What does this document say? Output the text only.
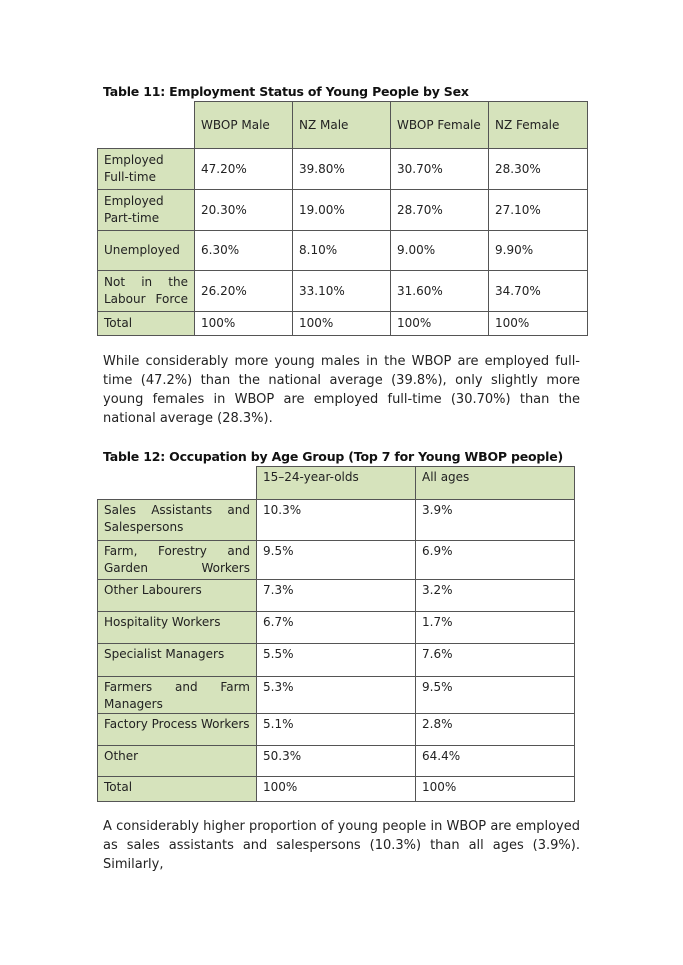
Table 11: Employment Status of Young People by Sex
	WBOP Male	NZ Male	WBOP Female	NZ Female
Employed Full-time	47.20%	39.80%	30.70%	28.30%
Employed Part-time	20.30%	19.00%	28.70%	27.10%
Unemployed	6.30%	8.10%	9.00%	9.90%
Not in the Labour Force	26.20%	33.10%	31.60%	34.70%
Total	100%	100%	100%	100%

While considerably more young males in the WBOP are employed full-time (47.2%) than the national average (39.8%), only slightly more young females in WBOP are employed full-time (30.70%) than the national average (28.3%).

Table 12: Occupation by Age Group (Top 7 for Young WBOP people)
	15–24-year-olds	All ages
Sales Assistants and Salespersons	10.3%	3.9%
Farm, Forestry and Garden Workers	9.5%	6.9%
Other Labourers	7.3%	3.2%
Hospitality Workers	6.7%	1.7%
Specialist Managers	5.5%	7.6%
Farmers and Farm Managers	5.3%	9.5%
Factory Process Workers	5.1%	2.8%
Other	50.3%	64.4%
Total	100%	100%

A considerably higher proportion of young people in WBOP are employed as sales assistants and salespersons (10.3%) than all ages (3.9%). Similarly,
